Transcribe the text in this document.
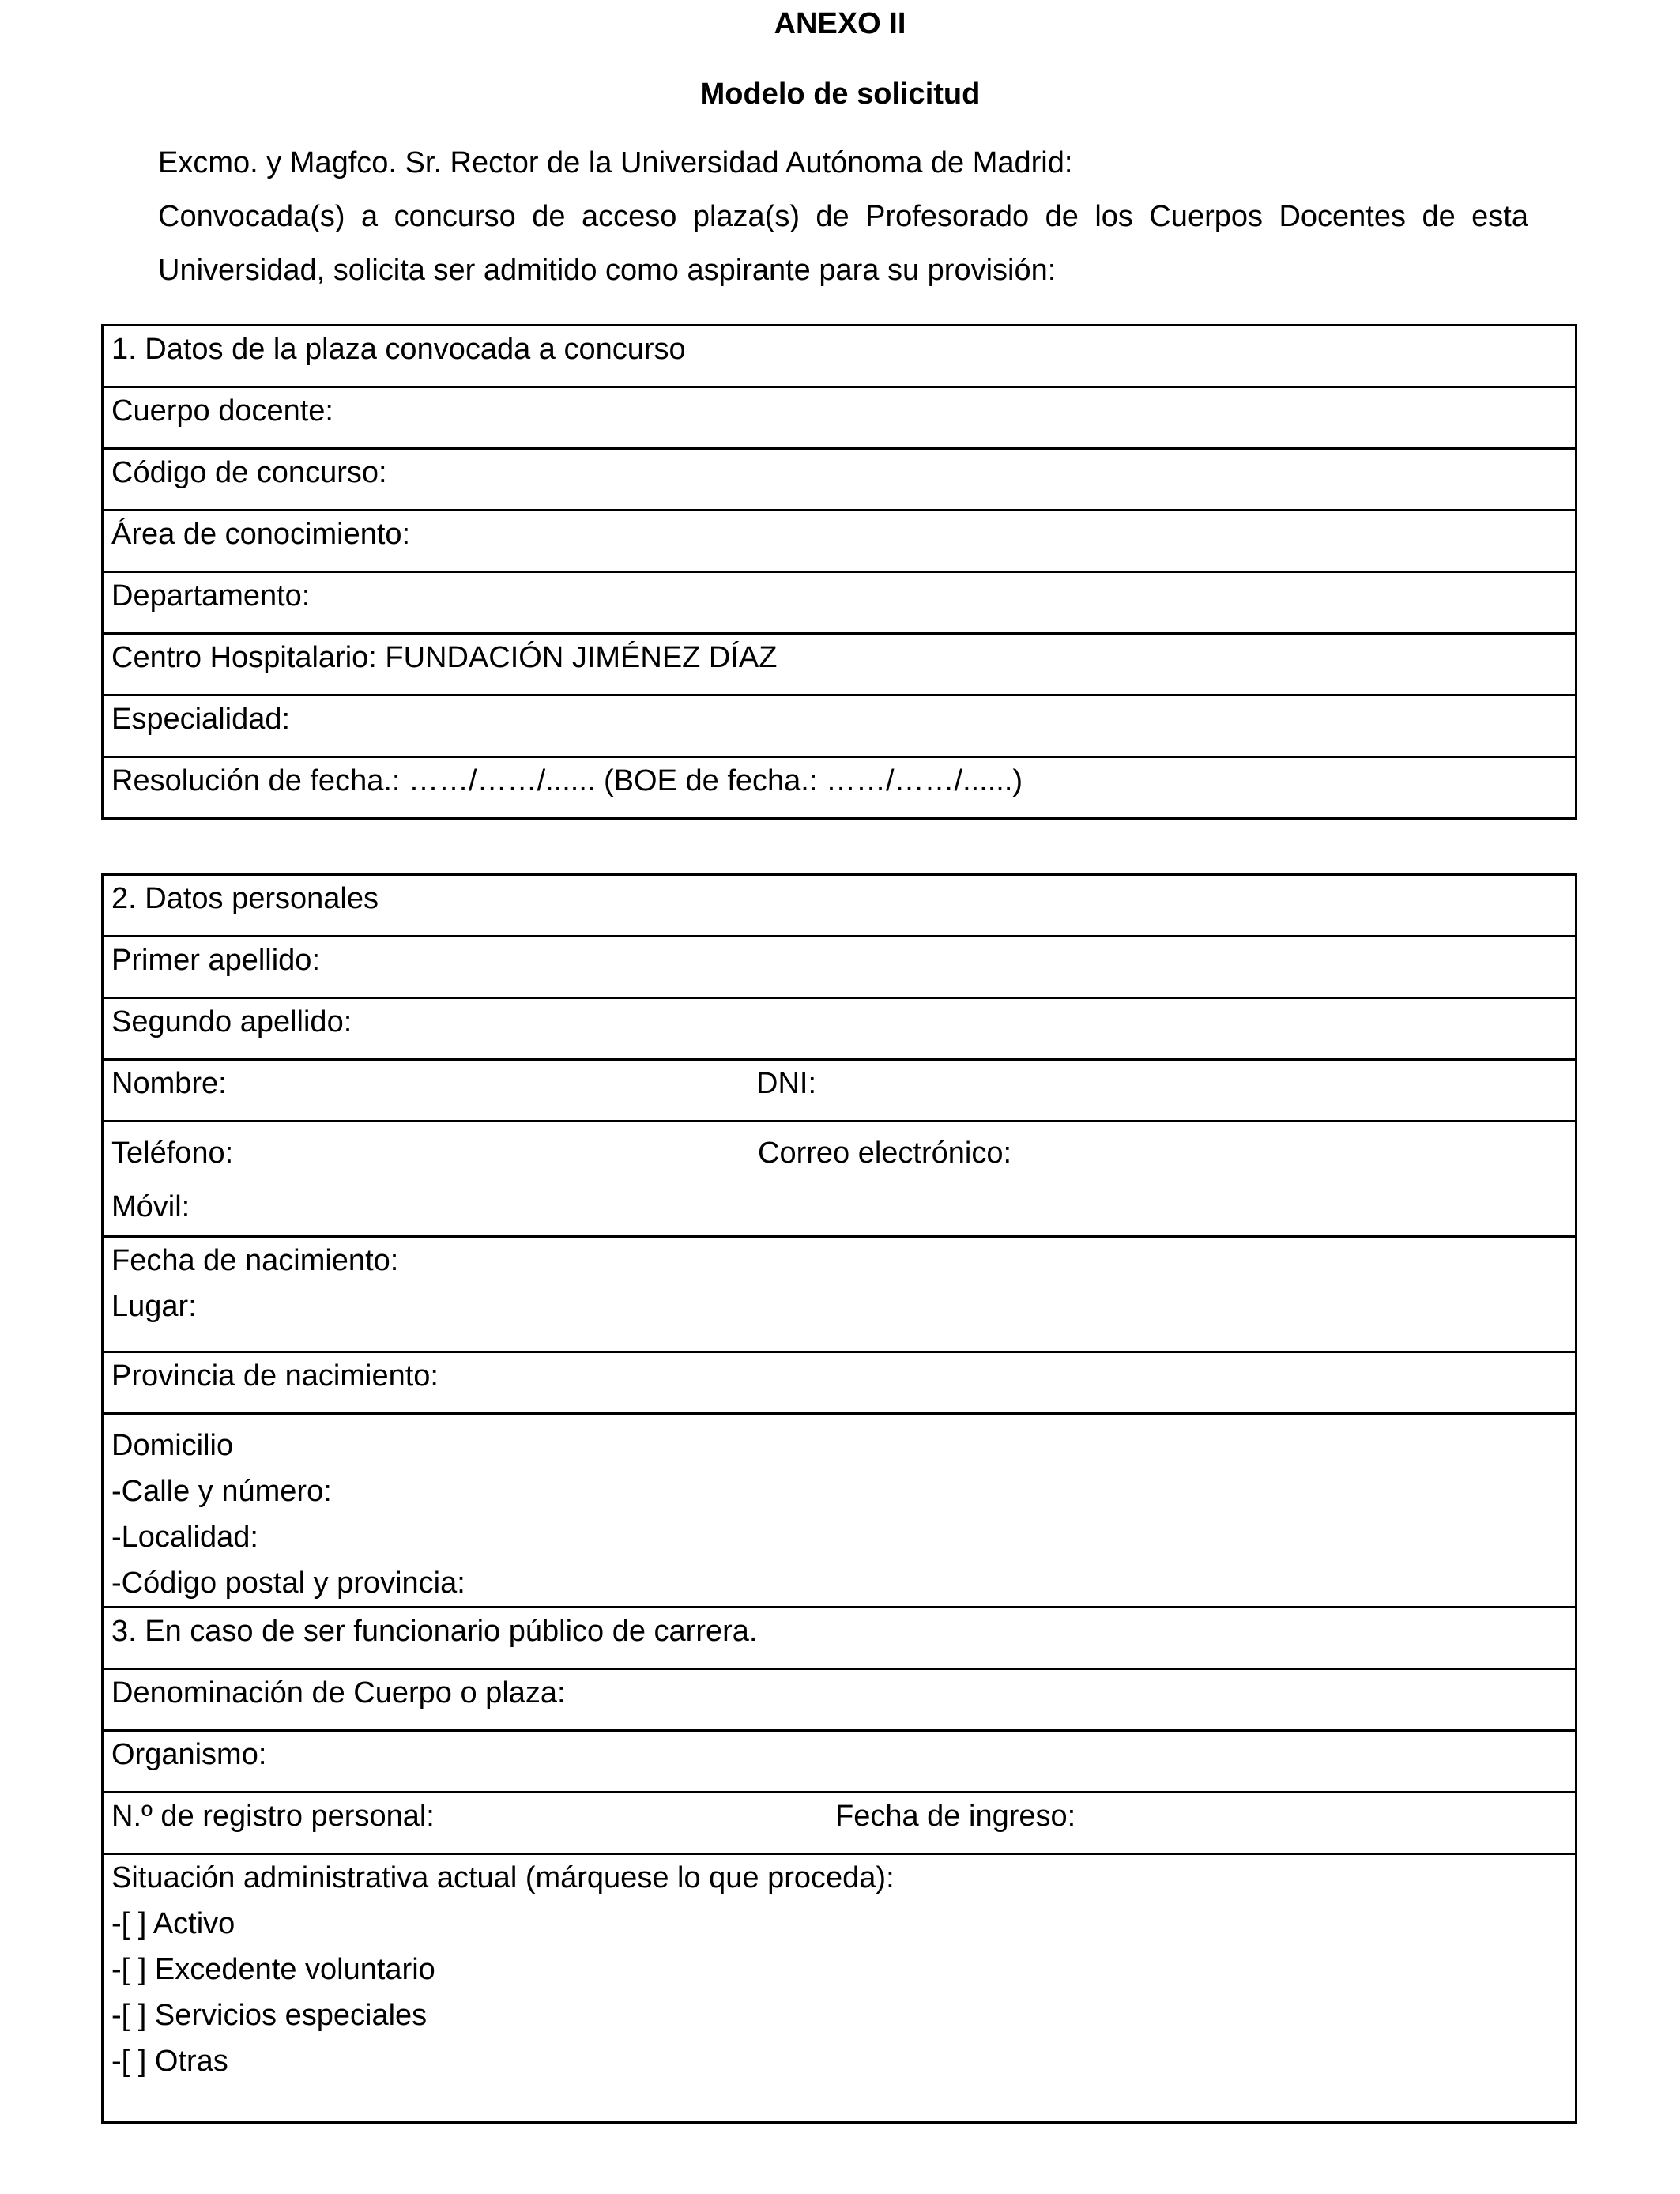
ANEXO II
Modelo de solicitud

Excmo. y Magfco. Sr. Rector de la Universidad Autónoma de Madrid:

Convocada(s) a concurso de acceso plaza(s) de Profesorado de los Cuerpos Docentes de esta

Universidad, solicita ser admitido como aspirante para su provisión:

1. Datos de la plaza convocada a concurso
Cuerpo docente:
Código de concurso:
Área de conocimiento:
Departamento:
Centro Hospitalario: FUNDACIÓN JIMÉNEZ DÍAZ
Especialidad:
Resolución de fecha.: ……/……/...... (BOE de fecha.: ……/……/......)
2. Datos personales
Primer apellido:
Segundo apellido:

Nombre:	DNI:

Teléfono:	Correo electrónico:
Móvil:

Fecha de nacimiento:
Lugar:

Provincia de nacimiento:

Domicilio
-Calle y número:
-Localidad:
-Código postal y provincia:

3. En caso de ser funcionario público de carrera.
Denominación de Cuerpo o plaza:
Organismo:

N.º de registro personal:	Fecha de ingreso:

Situación administrativa actual (márquese lo que proceda):
-[ ] Activo
-[ ] Excedente voluntario
-[ ] Servicios especiales
-[ ] Otras
